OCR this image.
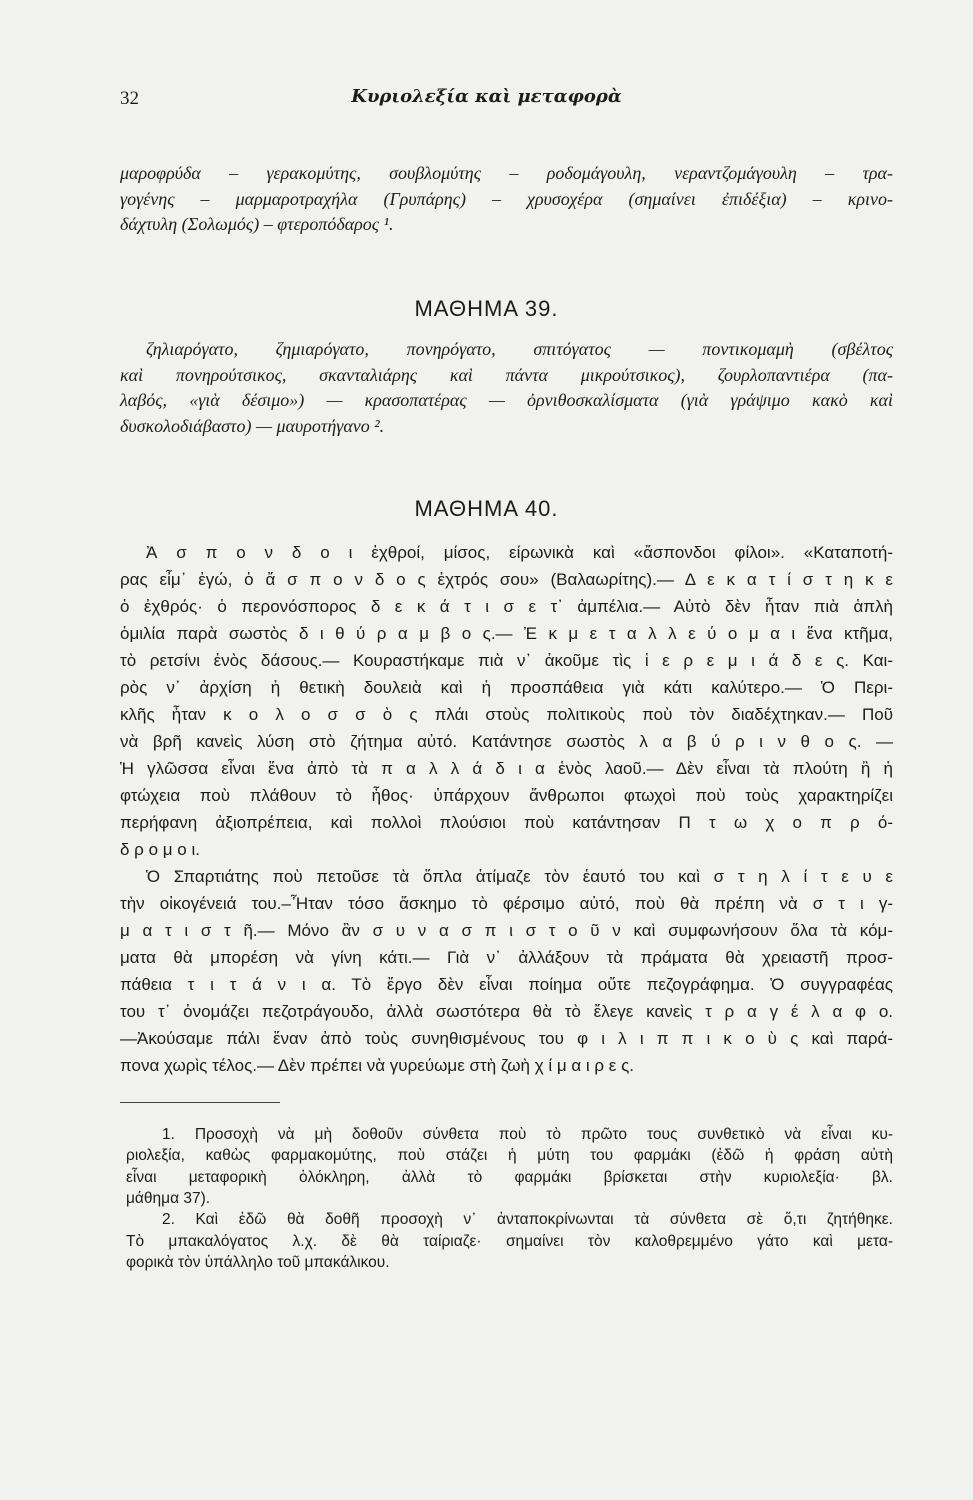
32	Κυριολεξία καὶ μεταφορὰ
μαροφρύδα – γερακομύτης, σουβλομύτης – ροδομάγουλη, νεραντζομάγουλη – τρα-
γογένης – μαρμαροτραχήλα (Γρυπάρης) – χρυσοχέρα (σημαίνει ἐπιδέξια) – κρινο-
δάχτυλη (Σολωμός) – φτεροπόδαρος ¹.
ΜΑΘΗΜΑ 39.
ζηλιαρόγατο, ζημιαρόγατο, πονηρόγατο, σπιτόγατος — ποντικομαμὴ (σβέλτος
καὶ πονηρούτσικος, σκανταλιάρης καὶ πάντα μικρούτσικος), ζουρλοπαντιέρα (πα-
λαβός, «γιὰ δέσιμο») — κρασοπατέρας — ὀρνιθοσκαλίσματα (γιὰ γράψιμο κακὸ καὶ
δυσκολοδιάβαστο) — μαυροτήγανο ².
ΜΑΘΗΜΑ 40.
Ἀ σ π ο ν δ ο ι ἐχθροί, μίσος, είρωνικὰ καὶ «ἄσπονδοι φίλοι». «Καταποτή-
ρας εἶμ᾽ ἐγώ, ὁ ἄ σ π ο ν δ ο ς ἐχτρός σου» (Βαλαωρίτης).— Δ ε κ α τ ί σ τ η κ ε
ὁ ἐχθρός· ὁ περονόσπορος δ ε κ ά τ ι σ ε τ᾽ ἀμπέλια.— Αὐτὸ δὲν ἦταν πιὰ ἁπλὴ
ὁμιλία παρὰ σωστὸς δ ι θ ύ ρ α μ β ο ς.— Ἐ κ μ ε τ α λ λ ε ύ ο μ α ι ἕνα κτῆμα,
τὸ ρετσίνι ἑνὸς δάσους.— Κουραστήκαμε πιὰ ν᾽ ἀκοῦμε τὶς ἱ ε ρ ε μ ι ά δ ε ς. Και-
ρὸς ν᾽ ἀρχίση ἡ θετικὴ δουλειὰ καὶ ἡ προσπάθεια γιὰ κάτι καλύτερο.— Ὁ Περι-
κλῆς ἦταν κ ο λ ο σ σ ὸ ς πλάι στοὺς πολιτικοὺς ποὺ τὸν διαδέχτηκαν.— Ποῦ
νὰ βρῆ κανεὶς λύση στὸ ζήτημα αὐτό. Κατάντησε σωστὸς λ α β ύ ρ ι ν θ ο ς. —
Ἡ γλῶσσα εἶναι ἕνα ἀπὸ τὰ π α λ λ ά δ ι α ἑνὸς λαοῦ.— Δὲν εἶναι τὰ πλούτη ἢ ἡ
φτώχεια ποὺ πλάθουν τὸ ἦθος· ὑπάρχουν ἄνθρωποι φτωχοὶ ποὺ τοὺς χαρακτηρίζει
περήφανη ἀξιοπρέπεια, καὶ πολλοὶ πλούσιοι ποὺ κατάντησαν Π τ ω χ ο π ρ ό-
δ ρ ο μ ο ι.
Ὁ Σπαρτιάτης ποὺ πετοῦσε τὰ ὅπλα ἀτίμαζε τὸν ἑαυτό του καὶ σ τ η λ ί τ ε υ ε
τὴν οἰκογένειά του.–Ἦταν τόσο ἄσκημο τὸ φέρσιμο αὐτό, ποὺ θὰ πρέπη νὰ σ τ ι γ-
μ α τ ι σ τ ῆ.— Μόνο ἂν σ υ ν α σ π ι σ τ ο ῦ ν καὶ συμφωνήσουν ὅλα τὰ κόμ-
ματα θὰ μπορέση νὰ γίνη κάτι.— Γιὰ ν᾽ ἀλλάξουν τὰ πράματα θὰ χρειαστῆ προσ-
πάθεια τ ι τ ά ν ι α. Τὸ ἔργο δὲν εἶναι ποίημα οὔτε πεζογράφημα. Ὁ συγγραφέας
του τ᾽ ὀνομάζει πεζοτράγουδο, ἀλλὰ σωστότερα θὰ τὸ ἔλεγε κανεὶς τ ρ α γ έ λ α φ ο.
—Ἀκούσαμε πάλι ἕναν ἀπὸ τοὺς συνηθισμένους του φ ι λ ι π π ι κ ο ὺ ς καὶ παρά-
πονα χωρὶς τέλος.— Δὲν πρέπει νὰ γυρεύωμε στὴ ζωὴ χ ί μ α ι ρ ε ς.
1. Προσοχὴ νὰ μὴ δοθοῦν σύνθετα ποὺ τὸ πρῶτο τους συνθετικὸ νὰ εἶναι κυ-
ριολεξία, καθὼς φαρμακομύτης, ποὺ στάζει ἡ μύτη του φαρμάκι (ἐδῶ ἡ φράση αὐτὴ
εἶναι μεταφορικὴ ὁλόκληρη, ἀλλὰ τὸ φαρμάκι βρίσκεται στὴν κυριολεξία· βλ.
μάθημα 37).
2. Καὶ ἐδῶ θὰ δοθῆ προσοχὴ ν᾽ ἀνταποκρίνωνται τὰ σύνθετα σὲ ὅ,τι ζητήθηκε.
Τὸ μπακαλόγατος λ.χ. δὲ θὰ ταίριαζε· σημαίνει τὸν καλοθρεμμένο γάτο καὶ μετα-
φορικὰ τὸν ὑπάλληλο τοῦ μπακάλικου.
